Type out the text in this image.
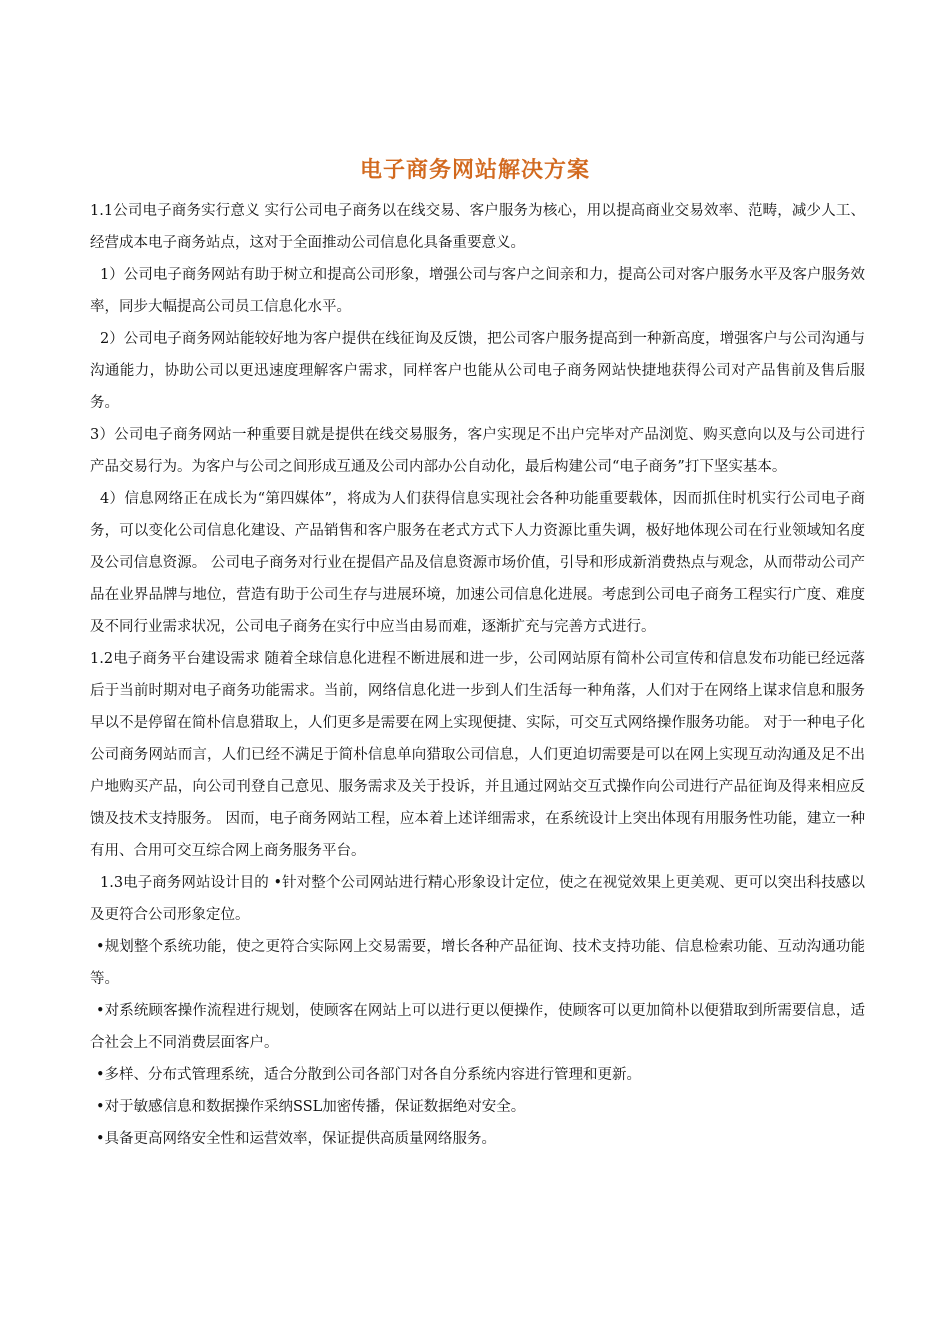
电子商务网站解决方案

1.1公司电子商务实行意义 实行公司电子商务以在线交易、客户服务为核心，用以提高商业交易效率、范畴，减少人工、经营成本电子商务站点，这对于全面推动公司信息化具备重要意义。

1）公司电子商务网站有助于树立和提高公司形象，增强公司与客户之间亲和力，提高公司对客户服务水平及客户服务效率，同步大幅提高公司员工信息化水平。

2）公司电子商务网站能较好地为客户提供在线征询及反馈，把公司客户服务提高到一种新高度，增强客户与公司沟通与沟通能力，协助公司以更迅速度理解客户需求，同样客户也能从公司电子商务网站快捷地获得公司对产品售前及售后服务。

3）公司电子商务网站一种重要目就是提供在线交易服务，客户实现足不出户完毕对产品浏览、购买意向以及与公司进行产品交易行为。为客户与公司之间形成互通及公司内部办公自动化，最后构建公司“电子商务”打下坚实基本。

4）信息网络正在成长为“第四媒体”，将成为人们获得信息实现社会各种功能重要载体，因而抓住时机实行公司电子商务，可以变化公司信息化建设、产品销售和客户服务在老式方式下人力资源比重失调，极好地体现公司在行业领域知名度及公司信息资源。 公司电子商务对行业在提倡产品及信息资源市场价值，引导和形成新消费热点与观念，从而带动公司产品在业界品牌与地位，营造有助于公司生存与进展环境，加速公司信息化进展。考虑到公司电子商务工程实行广度、难度及不同行业需求状况，公司电子商务在实行中应当由易而难，逐渐扩充与完善方式进行。

1.2电子商务平台建设需求 随着全球信息化进程不断进展和进一步，公司网站原有简朴公司宣传和信息发布功能已经远落后于当前时期对电子商务功能需求。当前，网络信息化进一步到人们生活每一种角落，人们对于在网络上谋求信息和服务早以不是停留在简朴信息猎取上，人们更多是需要在网上实现便捷、实际，可交互式网络操作服务功能。 对于一种电子化公司商务网站而言，人们已经不满足于简朴信息单向猎取公司信息，人们更迫切需要是可以在网上实现互动沟通及足不出户地购买产品，向公司刊登自己意见、服务需求及关于投诉，并且通过网站交互式操作向公司进行产品征询及得来相应反馈及技术支持服务。 因而，电子商务网站工程，应本着上述详细需求，在系统设计上突出体现有用服务性功能，建立一种有用、合用可交互综合网上商务服务平台。

1.3电子商务网站设计目的 •针对整个公司网站进行精心形象设计定位，使之在视觉效果上更美观、更可以突出科技感以及更符合公司形象定位。

•规划整个系统功能，使之更符合实际网上交易需要，增长各种产品征询、技术支持功能、信息检索功能、互动沟通功能等。

•对系统顾客操作流程进行规划，使顾客在网站上可以进行更以便操作，使顾客可以更加简朴以便猎取到所需要信息，适合社会上不同消费层面客户。

•多样、分布式管理系统，适合分散到公司各部门对各自分系统内容进行管理和更新。

•对于敏感信息和数据操作采纳SSL加密传播，保证数据绝对安全。

•具备更高网络安全性和运营效率，保证提供高质量网络服务。
